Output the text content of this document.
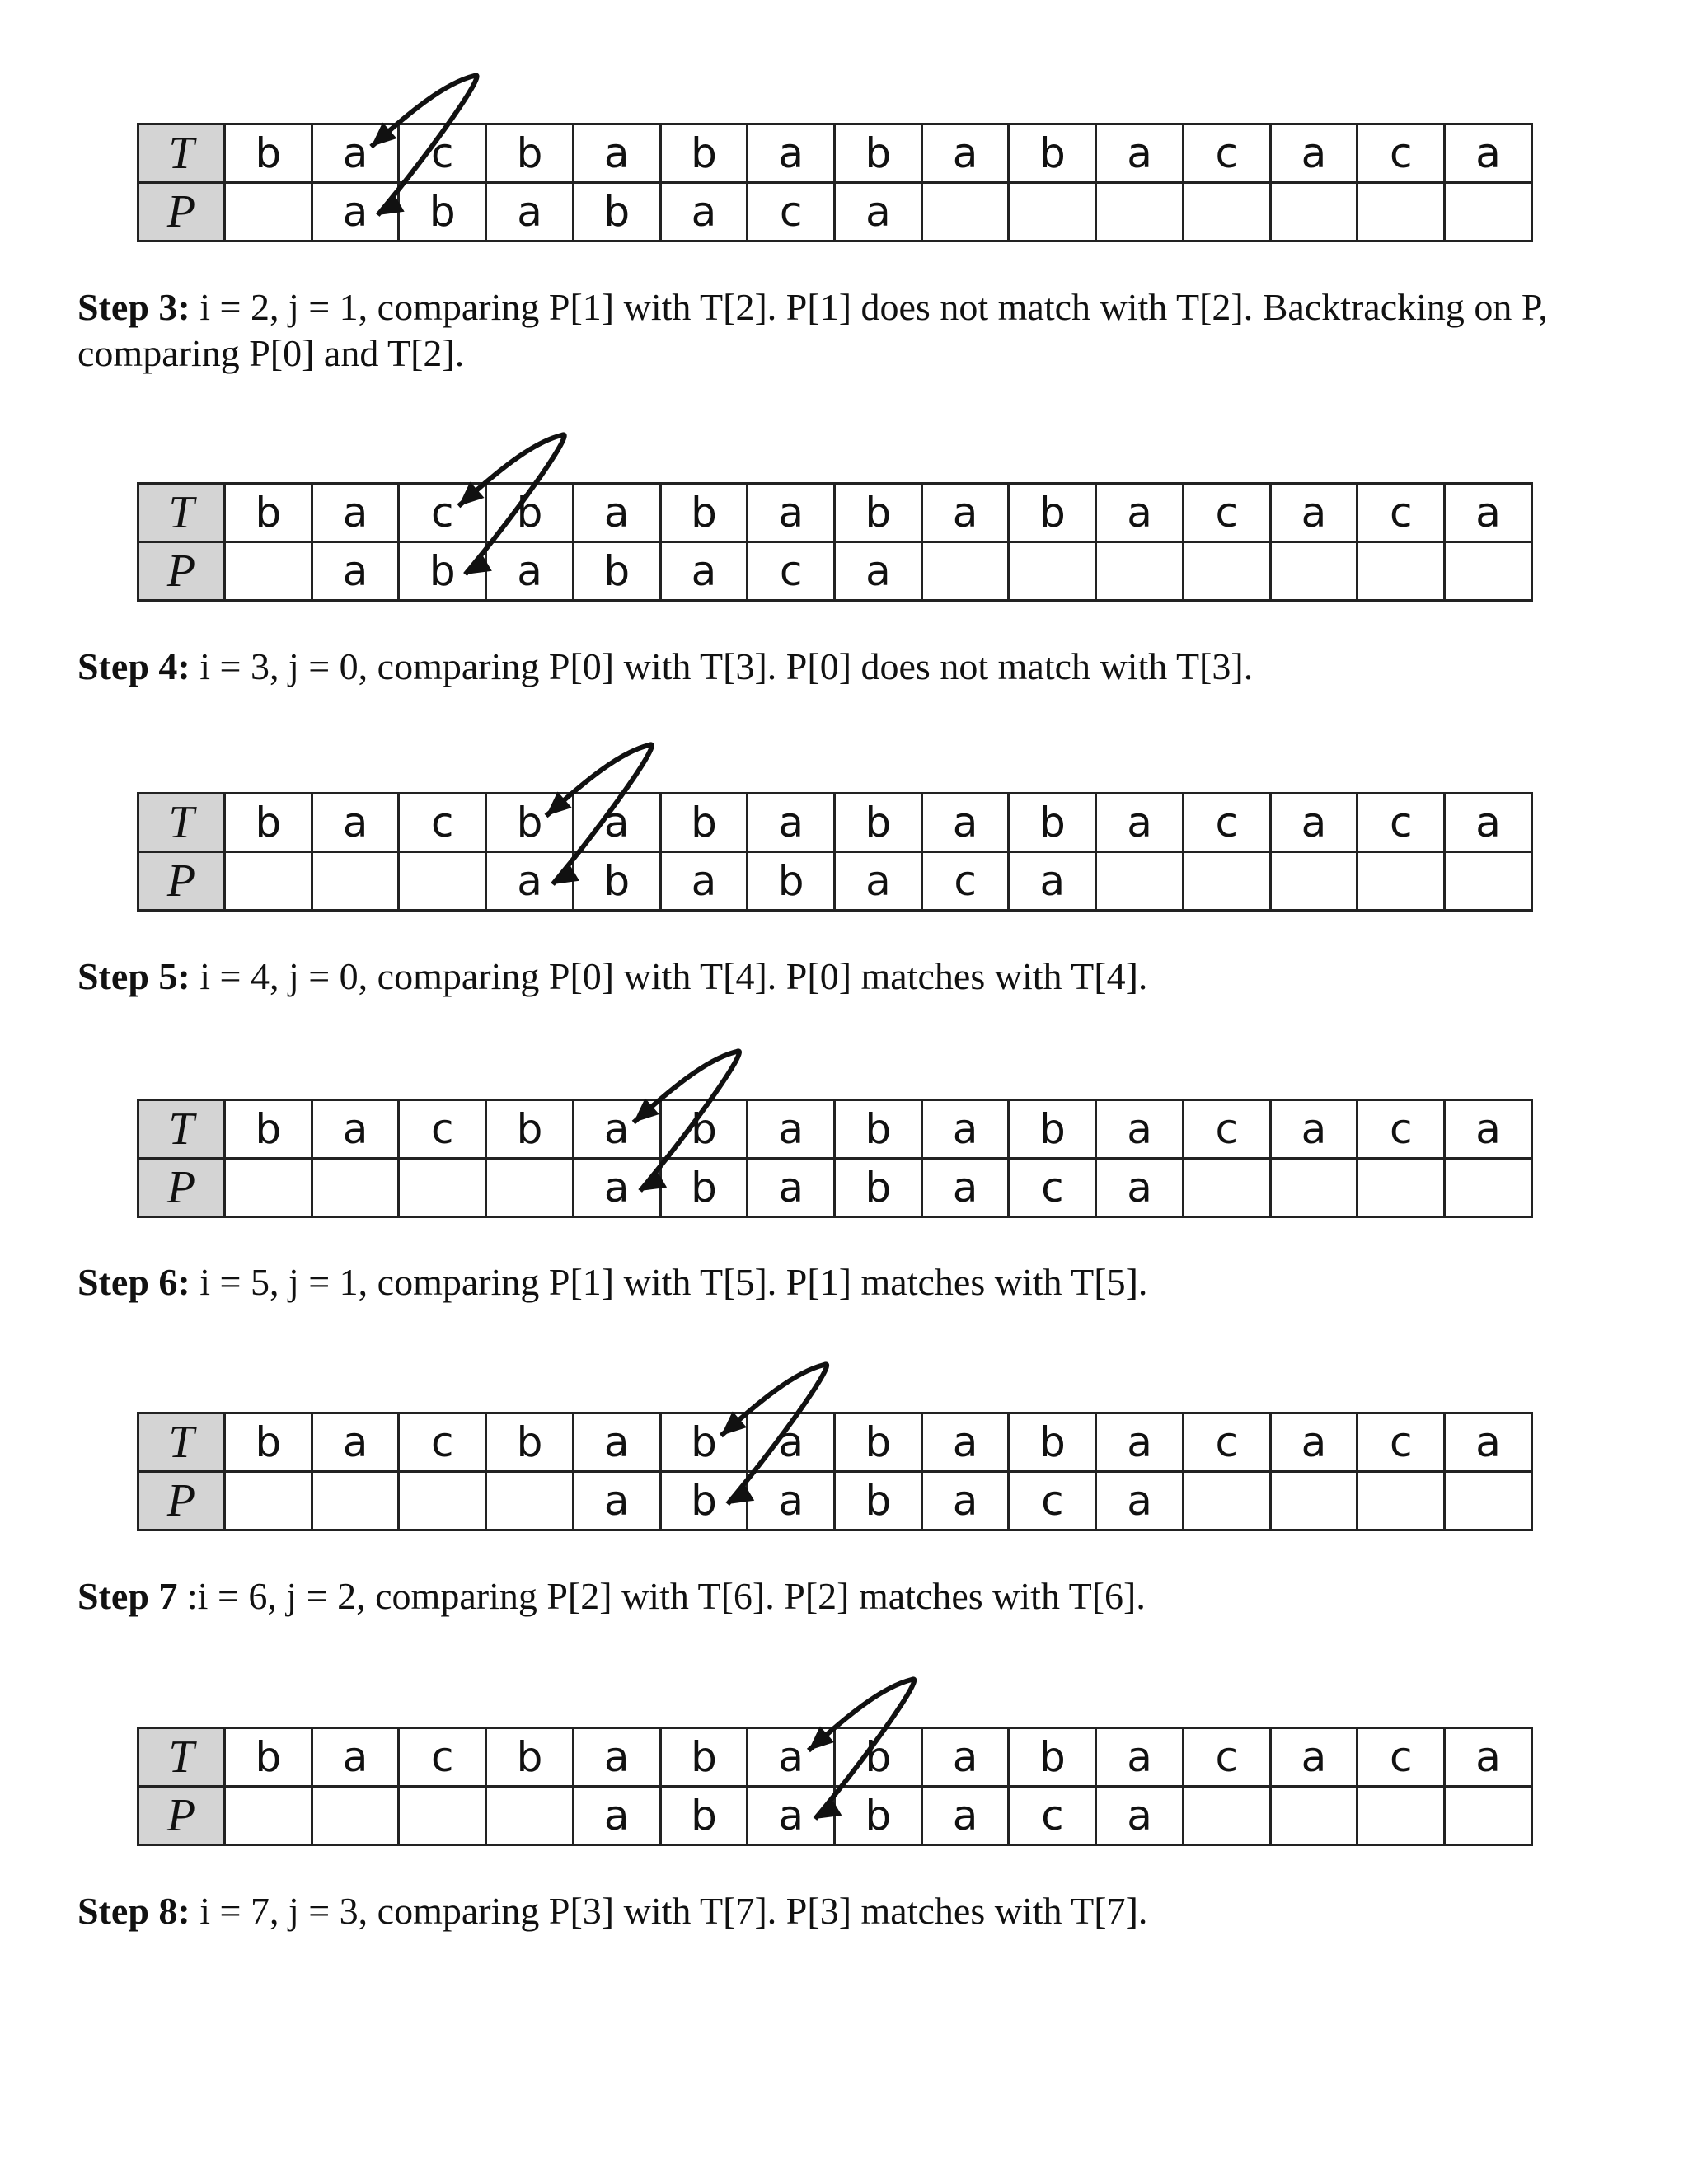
T	b	a	c	b	a	b	a	b	a	b	a	c	a	c	a
P		a	b	a	b	a	c	a							

Step 3: i = 2, j = 1, comparing P[1] with T[2]. P[1] does not match with T[2]. Backtracking on P, comparing P[0] and T[2].

T	b	a	c	b	a	b	a	b	a	b	a	c	a	c	a
P		a	b	a	b	a	c	a							

Step 4: i = 3, j = 0, comparing P[0] with T[3]. P[0] does not match with T[3].

T	b	a	c	b	a	b	a	b	a	b	a	c	a	c	a
P				a	b	a	b	a	c	a					

Step 5: i = 4, j = 0, comparing P[0] with T[4]. P[0] matches with T[4].

T	b	a	c	b	a	b	a	b	a	b	a	c	a	c	a
P					a	b	a	b	a	c	a				

Step 6: i = 5, j = 1, comparing P[1] with T[5]. P[1] matches with T[5].

T	b	a	c	b	a	b	a	b	a	b	a	c	a	c	a
P					a	b	a	b	a	c	a				

Step 7 :i = 6, j = 2, comparing P[2] with T[6]. P[2] matches with T[6].

T	b	a	c	b	a	b	a	b	a	b	a	c	a	c	a
P					a	b	a	b	a	c	a				

Step 8: i = 7, j = 3, comparing P[3] with T[7]. P[3] matches with T[7].
